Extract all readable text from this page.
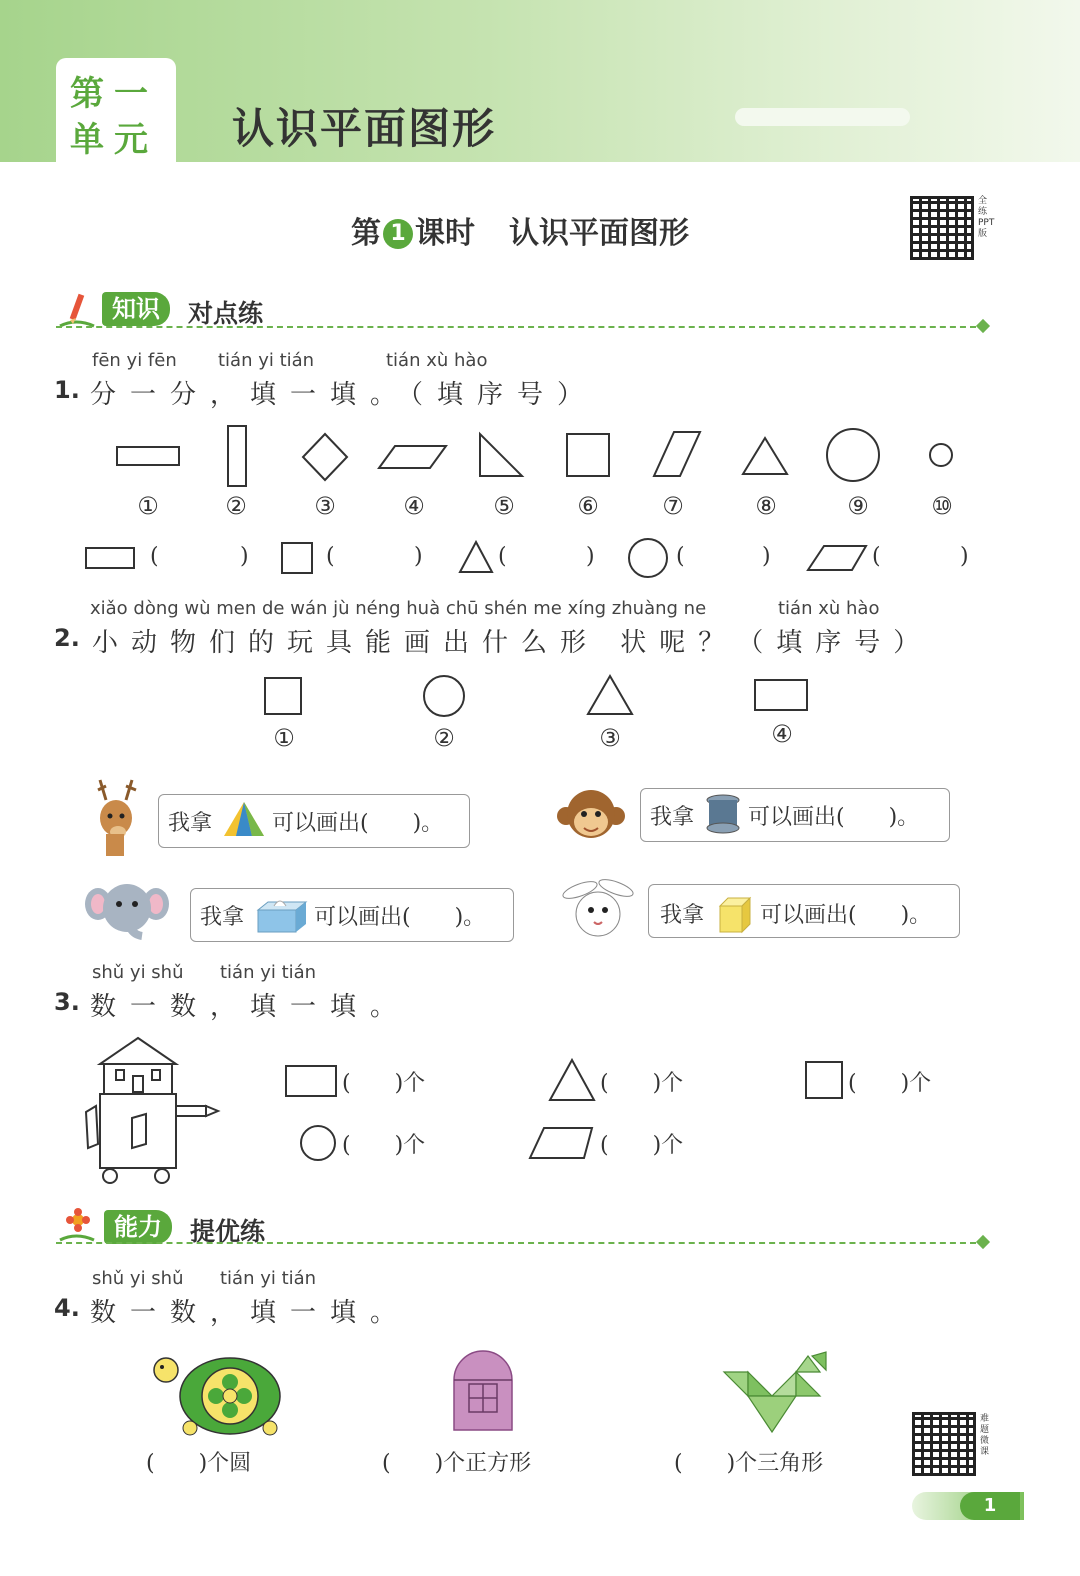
第一
单元 认识平面图形
第 1 课时 认识平面图形
全练PPT版
知识	对点练
fēn yi fēn tián yi tián	tián xù hào
1. 分一分，填一填。（填序号）
①	②	③	④	⑤	⑥	⑦	⑧	⑨	⑩
(	)	(	)	(	)	(	)	(	)
xiǎo dòng wù men de wán jù néng huà chū shén me xíng zhuàng ne	tián xù hào
2. 小动物们的玩具能画出什么形 状呢？（填序号）
①	②	③	④
我拿	可以画出(　　)。	我拿 可以画出(　　)。
我拿	可以画出(　　)。	我拿	可以画出(　　)。
shǔ yi shǔ tián yi tián
3. 数一数，填一填。
(　　)个	(　　)个	(　　)个
(　　)个	(　　)个
能力	提优练
shǔ yi shǔ tián yi tián
4. 数一数，填一填。
(　　)个圆	(　　)个正方形	(　　)个三角形
难题微课
1
